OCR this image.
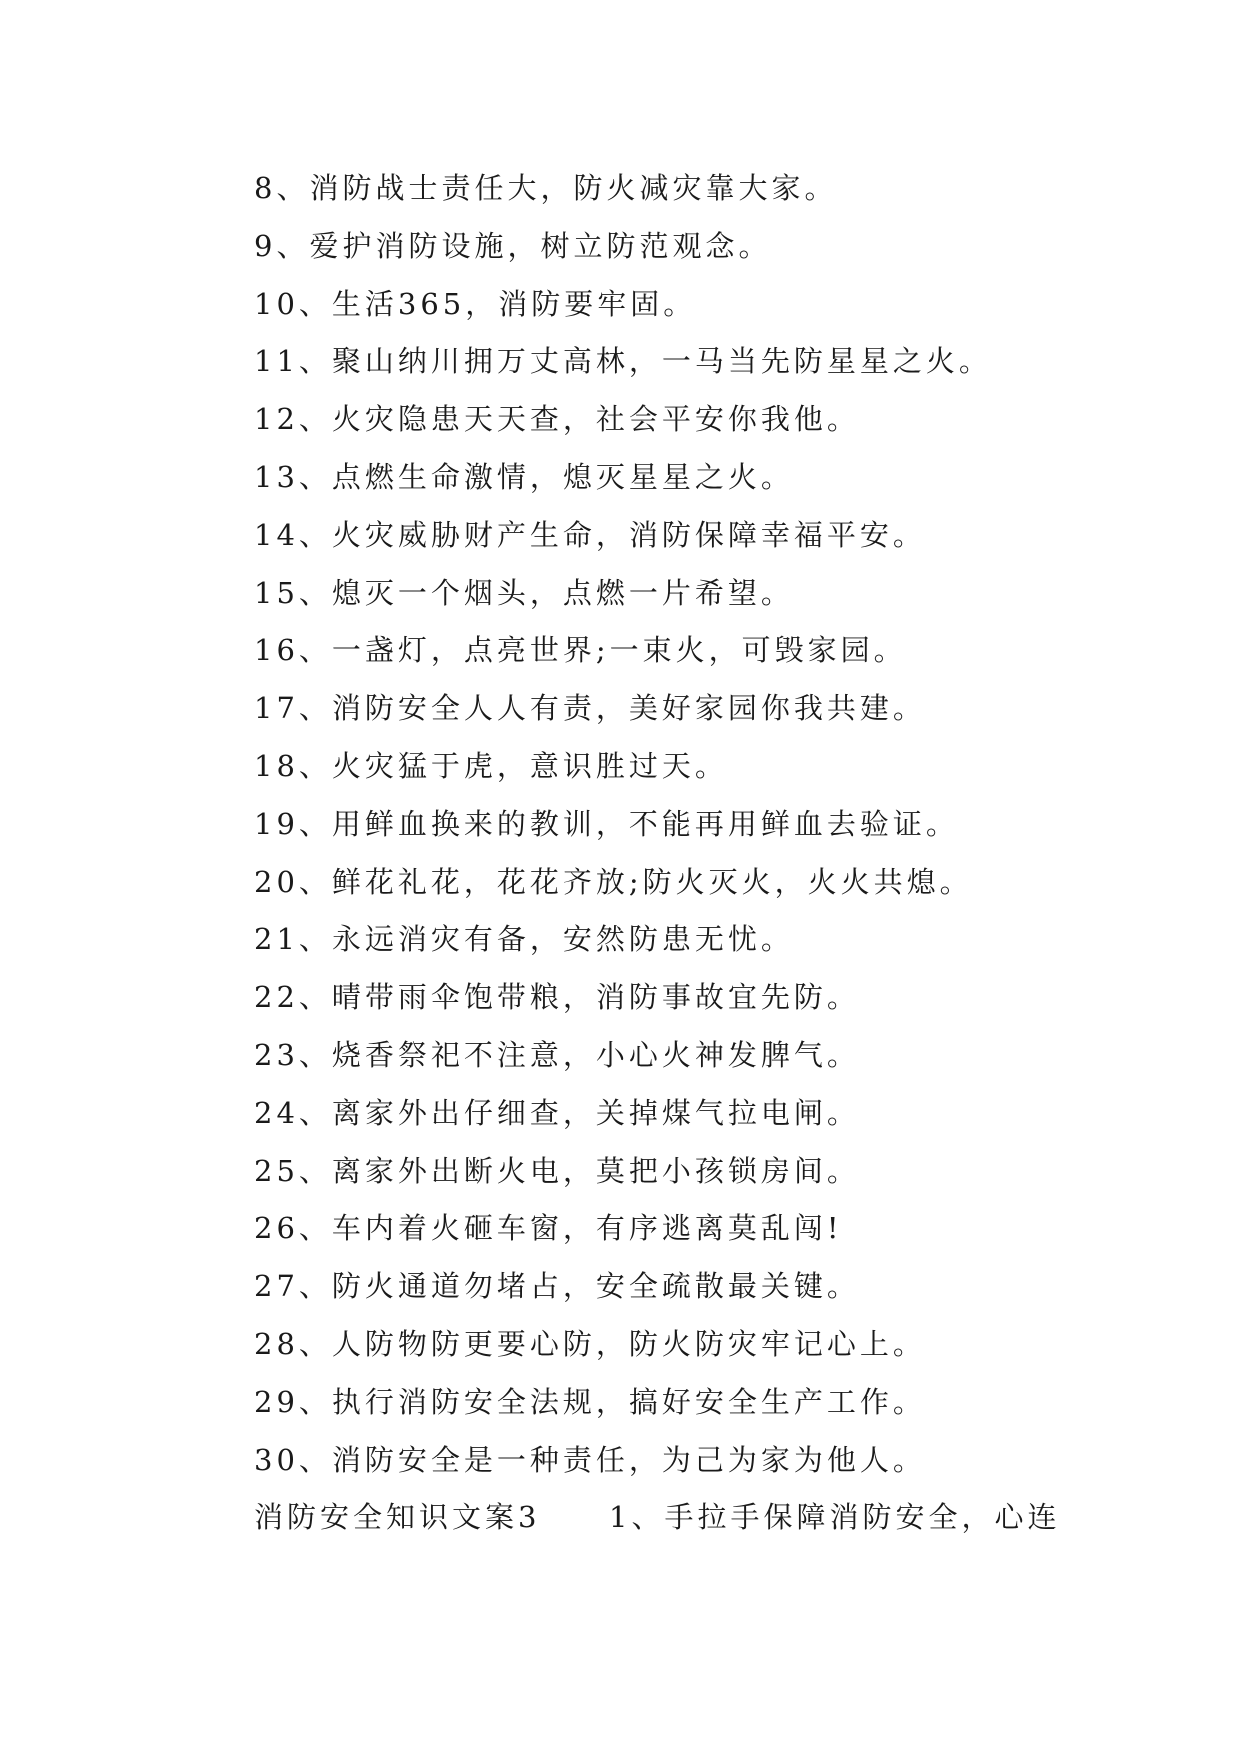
8、消防战士责任大，防火减灾靠大家。
9、爱护消防设施，树立防范观念。
10、生活365，消防要牢固。
11、聚山纳川拥万丈高林，一马当先防星星之火。
12、火灾隐患天天查，社会平安你我他。
13、点燃生命激情，熄灭星星之火。
14、火灾威胁财产生命，消防保障幸福平安。
15、熄灭一个烟头，点燃一片希望。
16、一盏灯，点亮世界;一束火，可毁家园。
17、消防安全人人有责，美好家园你我共建。
18、火灾猛于虎，意识胜过天。
19、用鲜血换来的教训，不能再用鲜血去验证。
20、鲜花礼花，花花齐放;防火灭火，火火共熄。
21、永远消灾有备，安然防患无忧。
22、晴带雨伞饱带粮，消防事故宜先防。
23、烧香祭祀不注意，小心火神发脾气。
24、离家外出仔细查，关掉煤气拉电闸。
25、离家外出断火电，莫把小孩锁房间。
26、车内着火砸车窗，有序逃离莫乱闯!
27、防火通道勿堵占，安全疏散最关键。
28、人防物防更要心防，防火防灾牢记心上。
29、执行消防安全法规，搞好安全生产工作。
30、消防安全是一种责任，为己为家为他人。
消防安全知识文案3 1、手拉手保障消防安全，心连
